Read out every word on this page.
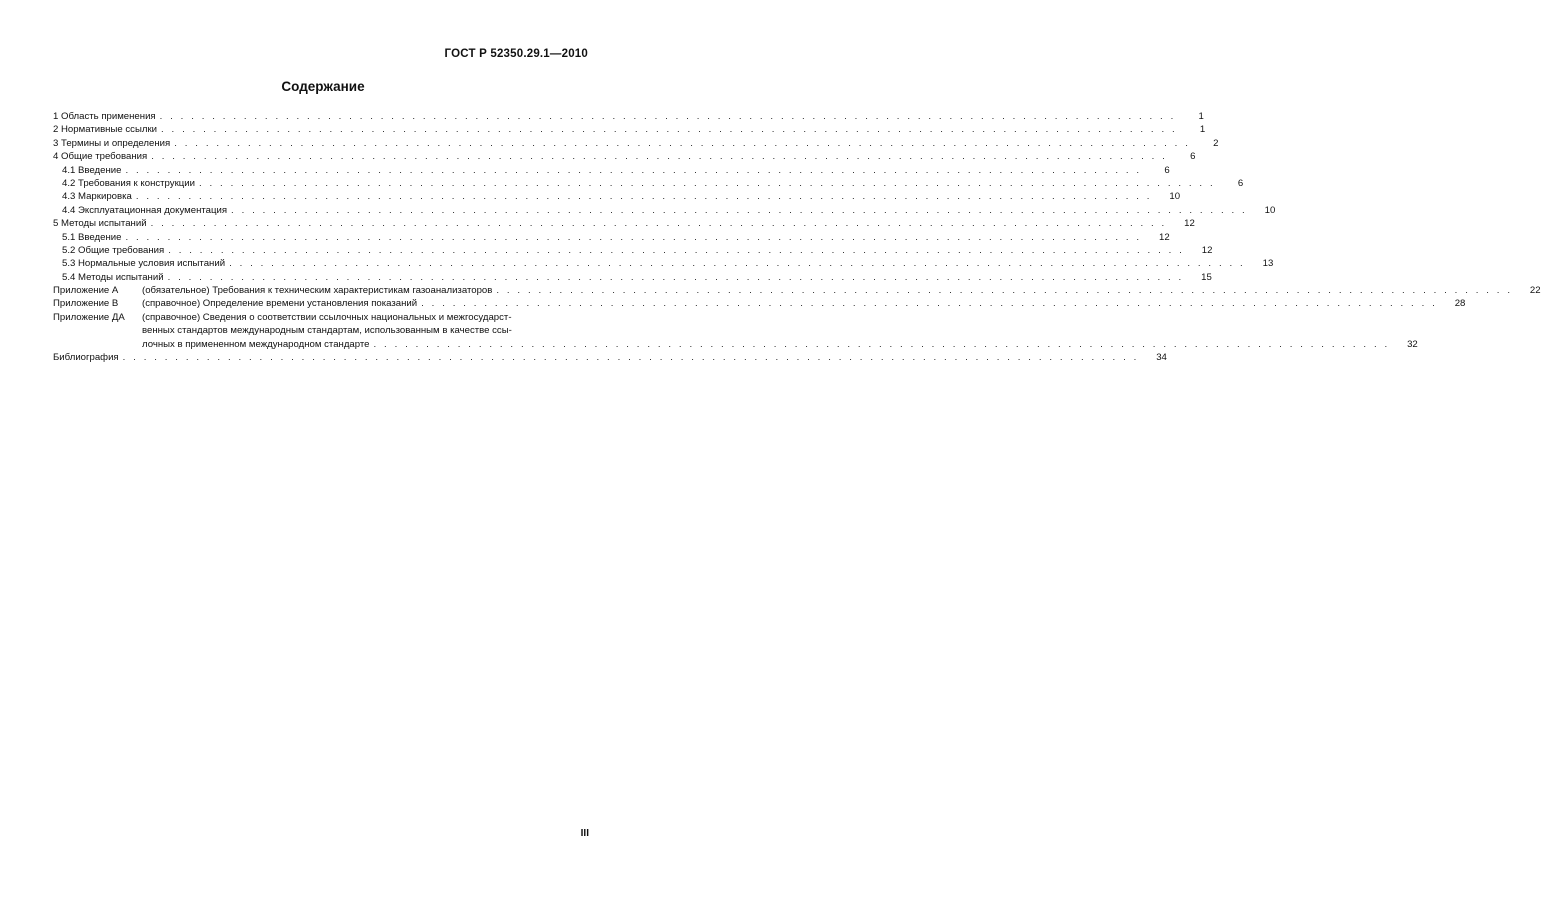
ГОСТ Р 52350.29.1—2010
Содержание
1 Область применения . . .	1
2 Нормативные ссылки . . .	1
3 Термины и определения . . .	2
4 Общие требования . . .	6
4.1 Введение . . .	6
4.2 Требования к конструкции . . .	6
4.3 Маркировка . . .	10
4.4 Эксплуатационная документация . . .	10
5 Методы испытаний . . .	12
5.1 Введение . . .	12
5.2 Общие требования . . .	12
5.3 Нормальные условия испытаний . . .	13
5.4 Методы испытаний . . .	15
Приложение А	(обязательное) Требования к техническим характеристикам газоанализаторов . . .	22
Приложение В	(справочное) Определение времени установления показаний . . .	28
Приложение ДА	(справочное) Сведения о соответствии ссылочных национальных и межгосударст-
венных стандартов международным стандартам, использованным в качестве ссы-
лочных в примененном международном стандарте . . .	32
Библиография . . .	34
III
